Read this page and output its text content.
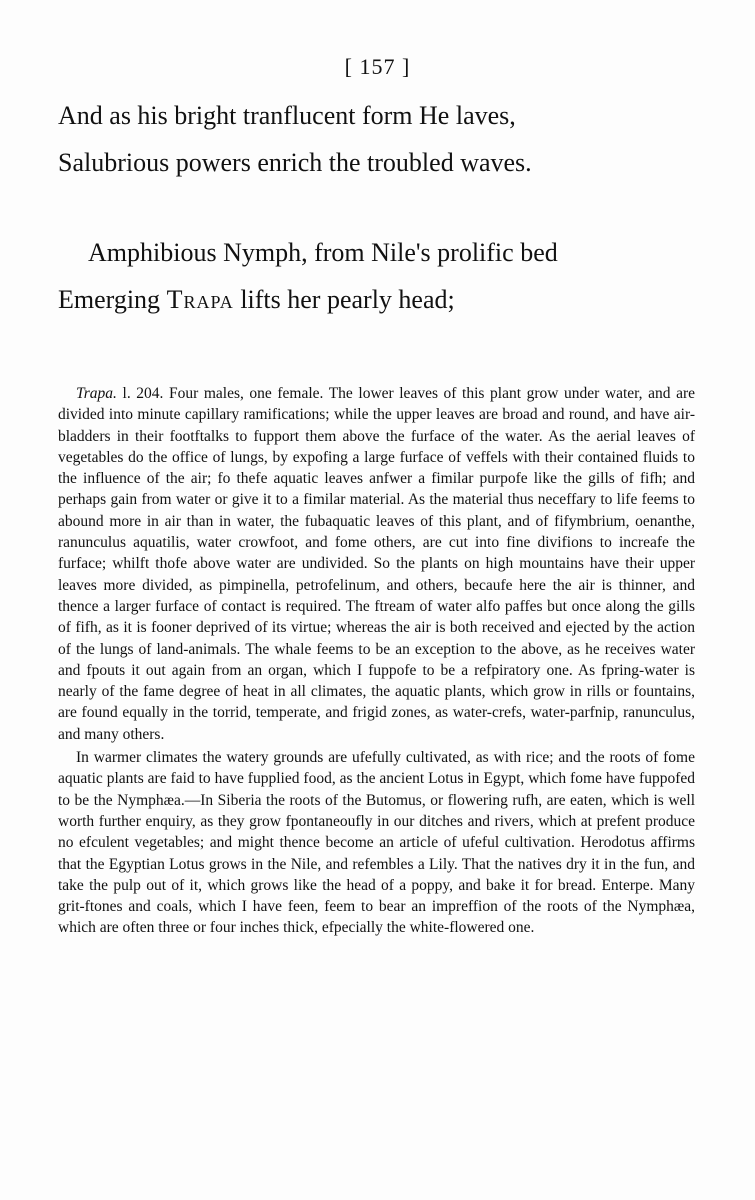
[ 157 ]
And as his bright tranflucent form He laves,
Salubrious powers enrich the troubled waves.
Amphibious Nymph, from Nile's prolific bed
Emerging Trapa lifts her pearly head;

Trapa. l. 204. Four males, one female. The lower leaves of this plant grow under water, and are divided into minute capillary ramifications; while the upper leaves are broad and round, and have air-bladders in their footftalks to fupport them above the furface of the water. As the aerial leaves of vegetables do the office of lungs, by expofing a large furface of veffels with their contained fluids to the influence of the air; fo thefe aquatic leaves anfwer a fimilar purpofe like the gills of fifh; and perhaps gain from water or give it to a fimilar material. As the material thus neceffary to life feems to abound more in air than in water, the fubaquatic leaves of this plant, and of fifymbrium, oenanthe, ranunculus aquatilis, water crowfoot, and fome others, are cut into fine divifions to increafe the furface; whilft thofe above water are undivided. So the plants on high mountains have their upper leaves more divided, as pimpinella, petrofelinum, and others, becaufe here the air is thinner, and thence a larger furface of contact is required. The ftream of water alfo paffes but once along the gills of fifh, as it is fooner deprived of its virtue; whereas the air is both received and ejected by the action of the lungs of land-animals. The whale feems to be an exception to the above, as he receives water and fpouts it out again from an organ, which I fuppofe to be a refpiratory one. As fpring-water is nearly of the fame degree of heat in all climates, the aquatic plants, which grow in rills or fountains, are found equally in the torrid, temperate, and frigid zones, as water-crefs, water-parfnip, ranunculus, and many others.

In warmer climates the watery grounds are ufefully cultivated, as with rice; and the roots of fome aquatic plants are faid to have fupplied food, as the ancient Lotus in Egypt, which fome have fuppofed to be the Nymphæa.—In Siberia the roots of the Butomus, or flowering rufh, are eaten, which is well worth further enquiry, as they grow fpontaneoufly in our ditches and rivers, which at prefent produce no efculent vegetables; and might thence become an article of ufeful cultivation. Herodotus affirms that the Egyptian Lotus grows in the Nile, and refembles a Lily. That the natives dry it in the fun, and take the pulp out of it, which grows like the head of a poppy, and bake it for bread. Enterpe. Many grit-ftones and coals, which I have feen, feem to bear an impreffion of the roots of the Nymphæa, which are often three or four inches thick, efpecially the white-flowered one.
